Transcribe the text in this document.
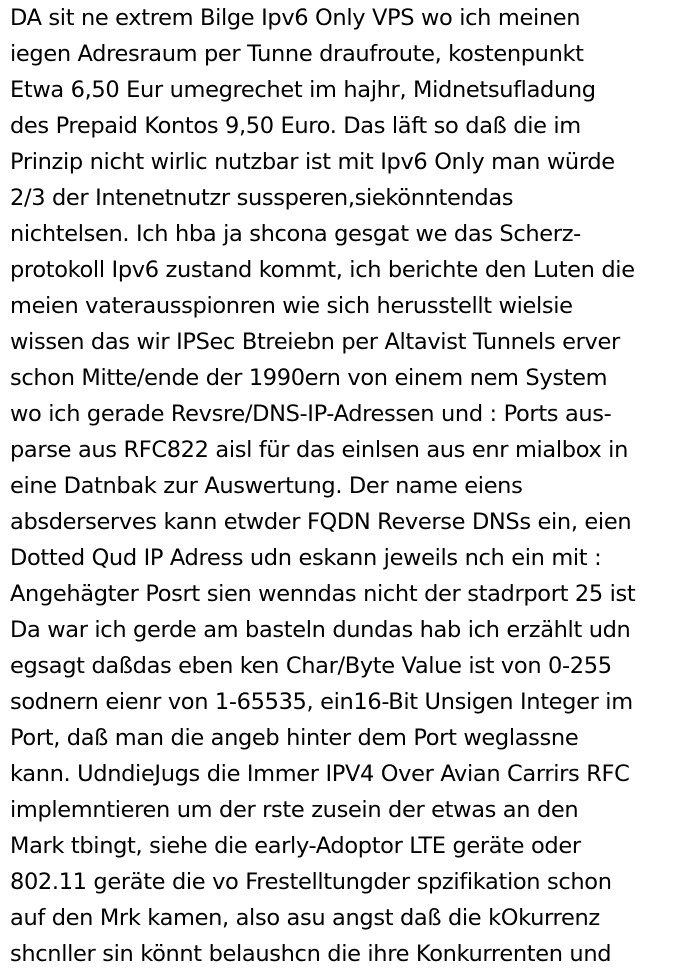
DA sit ne extrem Bilge Ipv6 Only VPS wo ich meinen
iegen Adresraum per Tunne draufroute, kostenpunkt
Etwa 6,50 Eur umegrechet im hajhr, Midnetsufladung
des Prepaid Kontos 9,50 Euro. Das läft so daß die im
Prinzip nicht wirlic nutzbar ist mit Ipv6 Only man würde
2/3 der Intenetnutzr sussperen,siekönntendas
nichtelsen. Ich hba ja shcona gesgat we das Scherz-
protokoll Ipv6 zustand kommt, ich berichte den Luten die
meien vaterausspionren wie sich herusstellt wielsie
wissen das wir IPSec Btreiebn per Altavist Tunnels erver
schon Mitte/ende der 1990ern von einem nem System
wo ich gerade Revsre/DNS-IP-Adressen und : Ports aus-
parse aus RFC822 aisl für das einlsen aus enr mialbox in
eine Datnbak zur Auswertung. Der name eiens
absderserves kann etwder FQDN Reverse DNSs ein, eien
Dotted Qud IP Adress udn eskann jeweils nch ein mit :
Angehägter Posrt sien wenndas nicht der stadrport 25 ist
Da war ich gerde am basteln dundas hab ich erzählt udn
egsagt daßdas eben ken Char/Byte Value ist von 0-255
sodnern eienr von 1-65535, ein16-Bit Unsigen Integer im
Port, daß man die angeb hinter dem Port weglassne
kann. UdndieJugs die Immer IPV4 Over Avian Carrirs RFC
implemntieren um der rste zusein der etwas an den
Mark tbingt, siehe die early-Adoptor LTE geräte oder
802.11 geräte die vo Frestelltungder spzifikation schon
auf den Mrk kamen, also asu angst daß die kOkurrenz
shcnller sin könnt belaushcn die ihre Konkurrenten und
